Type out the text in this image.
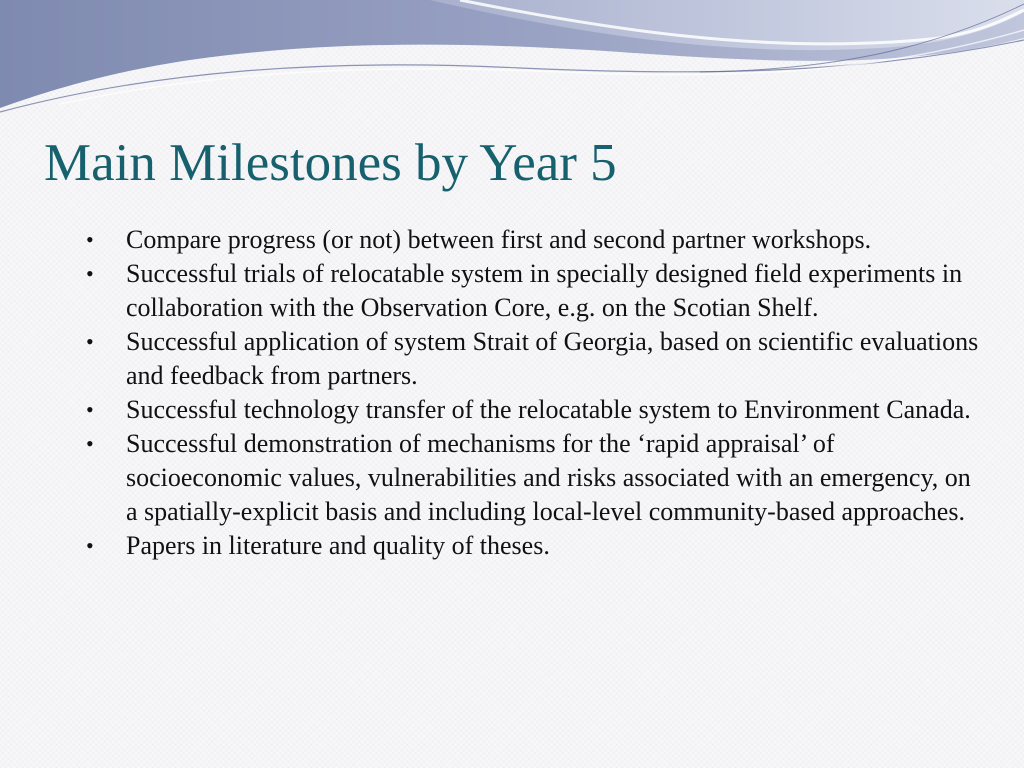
Main Milestones by Year 5
• Compare progress (or not) between first and second partner workshops.
• Successful trials of relocatable system in specially designed field experiments in collaboration with the Observation Core, e.g. on the Scotian Shelf.
• Successful application of system Strait of Georgia, based on scientific evaluations and feedback from partners.
• Successful technology transfer of the relocatable system to Environment Canada.
• Successful demonstration of mechanisms for the ‘rapid appraisal’ of socioeconomic values, vulnerabilities and risks associated with an emergency, on a spatially-explicit basis and including local-level community-based approaches.
• Papers in literature and quality of theses.
